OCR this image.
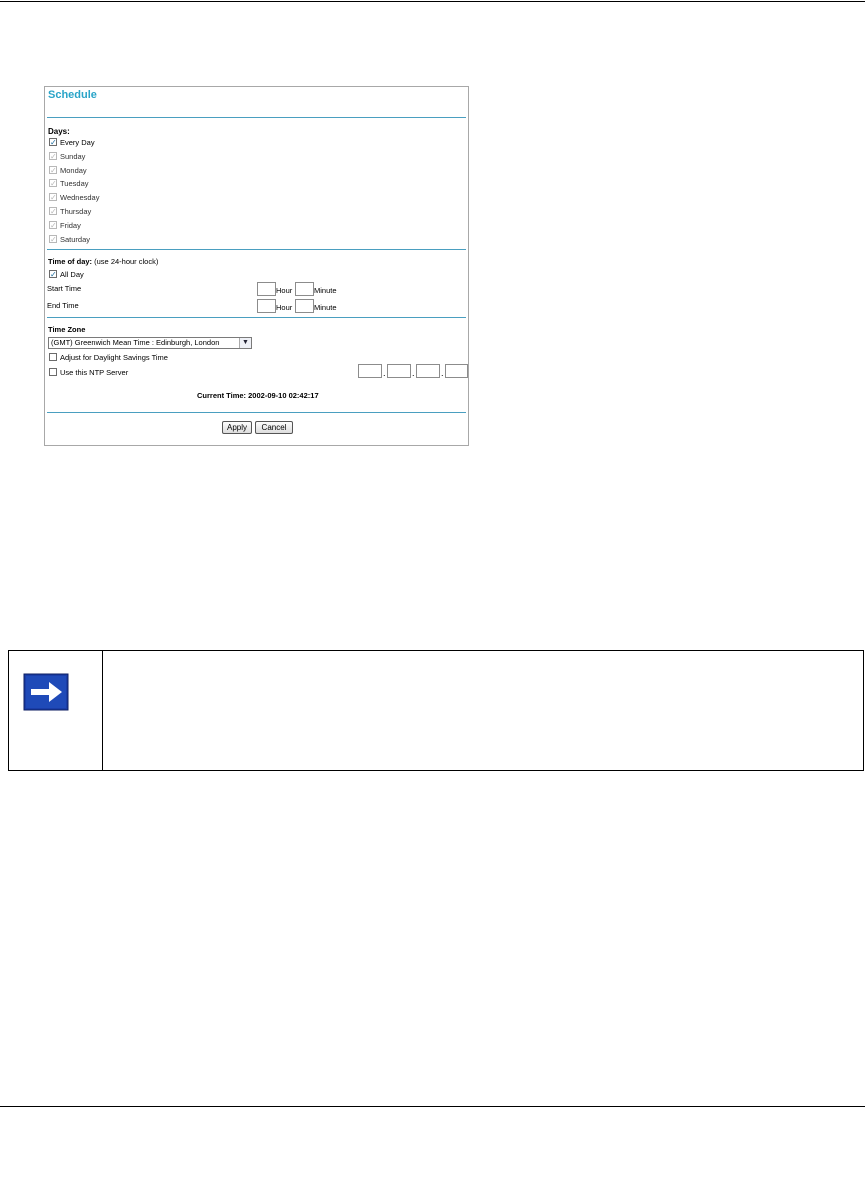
Schedule
Days:
✓ Every Day
✓ Sunday
✓ Monday
✓ Tuesday
✓ Wednesday
✓ Thursday
✓ Friday
✓ Saturday
Time of day: (use 24-hour clock)
✓ All Day
Start Time	Hour	Minute
End Time	Hour	Minute
Time Zone
(GMT) Greenwich Mean Time : Edinburgh, London	▼
Adjust for Daylight Savings Time
Use this NTP Server	.	.	.
Current Time: 2002-09-10 02:42:17
Apply	Cancel
